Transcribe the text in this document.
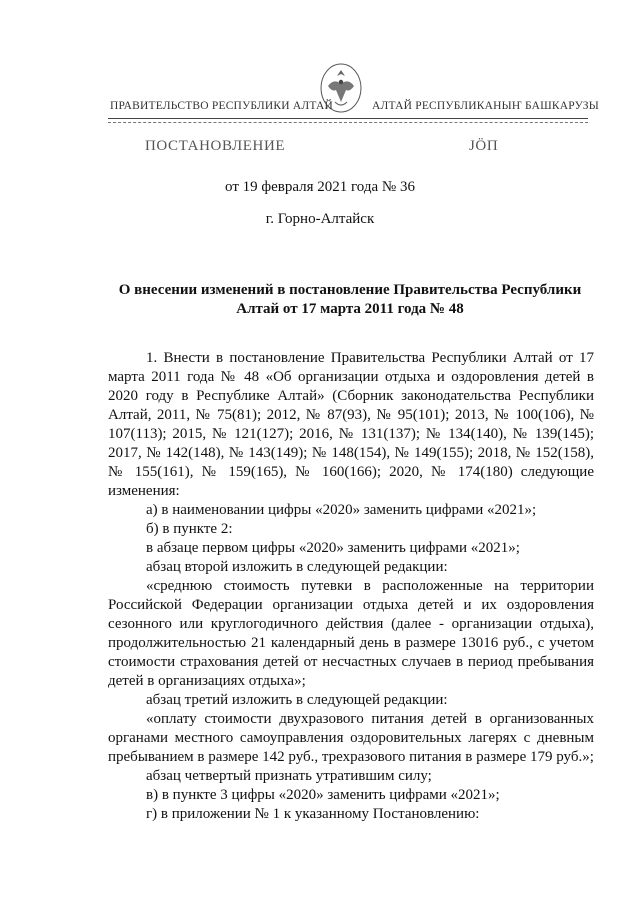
ПРАВИТЕЛЬСТВО РЕСПУБЛИКИ АЛТАЙ	АЛТАЙ РЕСПУБЛИКАНЫҤ БАШКАРУЗЫ
ПОСТАНОВЛЕНИЕ	ЈÖП
от 19 февраля 2021 года № 36
г. Горно-Алтайск
О внесении изменений в постановление Правительства Республики Алтай от 17 марта 2011 года № 48

1. Внести в постановление Правительства Республики Алтай от 17 марта 2011 года № 48 «Об организации отдыха и оздоровления детей в 2020 году в Республике Алтай» (Сборник законодательства Республики Алтай, 2011, № 75(81); 2012, № 87(93), № 95(101); 2013, № 100(106), № 107(113); 2015, № 121(127); 2016, № 131(137); № 134(140), № 139(145); 2017, № 142(148), № 143(149); № 148(154), № 149(155); 2018, № 152(158), № 155(161), № 159(165), № 160(166); 2020, № 174(180) следующие изменения:

а) в наименовании цифры «2020» заменить цифрами «2021»;

б) в пункте 2:

в абзаце первом цифры «2020» заменить цифрами «2021»;

абзац второй изложить в следующей редакции:

«среднюю стоимость путевки в расположенные на территории Российской Федерации организации отдыха детей и их оздоровления сезонного или круглогодичного действия (далее - организации отдыха), продолжительностью 21 календарный день в размере 13016 руб., с учетом стоимости страхования детей от несчастных случаев в период пребывания детей в организациях отдыха»;

абзац третий изложить в следующей редакции:

«оплату стоимости двухразового питания детей в организованных органами местного самоуправления оздоровительных лагерях с дневным пребыванием в размере 142 руб., трехразового питания в размере 179 руб.»;

абзац четвертый признать утратившим силу;

в) в пункте 3 цифры «2020» заменить цифрами «2021»;

г) в приложении № 1 к указанному Постановлению:
